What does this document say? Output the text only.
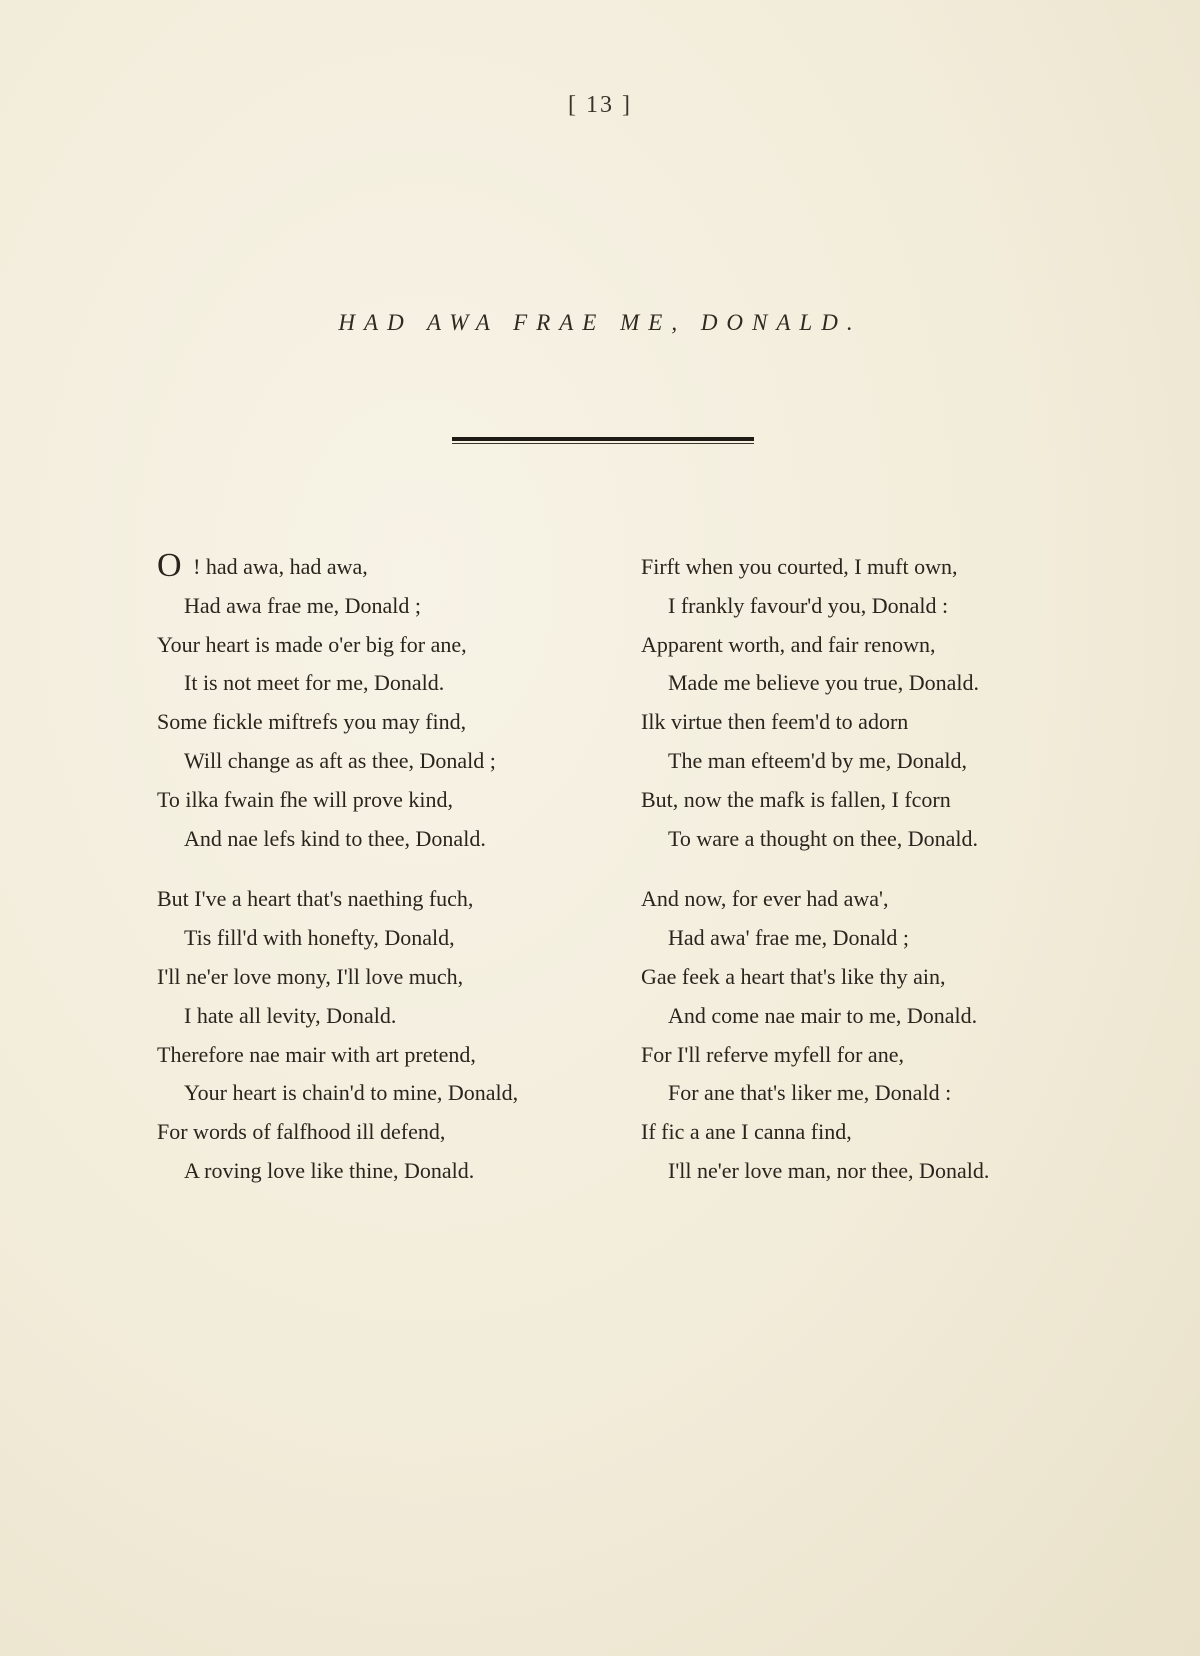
[ 13 ]
HAD AWA FRAE ME, DONALD.
O ! had awa, had awa,
Had awa frae me, Donald ;
Your heart is made o'er big for ane,
It is not meet for me, Donald.
Some fickle miftrefs you may find,
Will change as aft as thee, Donald ;
To ilka fwain fhe will prove kind,
And nae lefs kind to thee, Donald.
But I've a heart that's naething fuch,
Tis fill'd with honefty, Donald,
I'll ne'er love mony, I'll love much,
I hate all levity, Donald.
Therefore nae mair with art pretend,
Your heart is chain'd to mine, Donald,
For words of falfhood ill defend,
A roving love like thine, Donald.
Firft when you courted, I muft own,
I frankly favour'd you, Donald :
Apparent worth, and fair renown,
Made me believe you true, Donald.
Ilk virtue then feem'd to adorn
The man efteem'd by me, Donald,
But, now the mafk is fallen, I fcorn
To ware a thought on thee, Donald.
And now, for ever had awa',
Had awa' frae me, Donald ;
Gae feek a heart that's like thy ain,
And come nae mair to me, Donald.
For I'll referve myfell for ane,
For ane that's liker me, Donald :
If fic a ane I canna find,
I'll ne'er love man, nor thee, Donald.
